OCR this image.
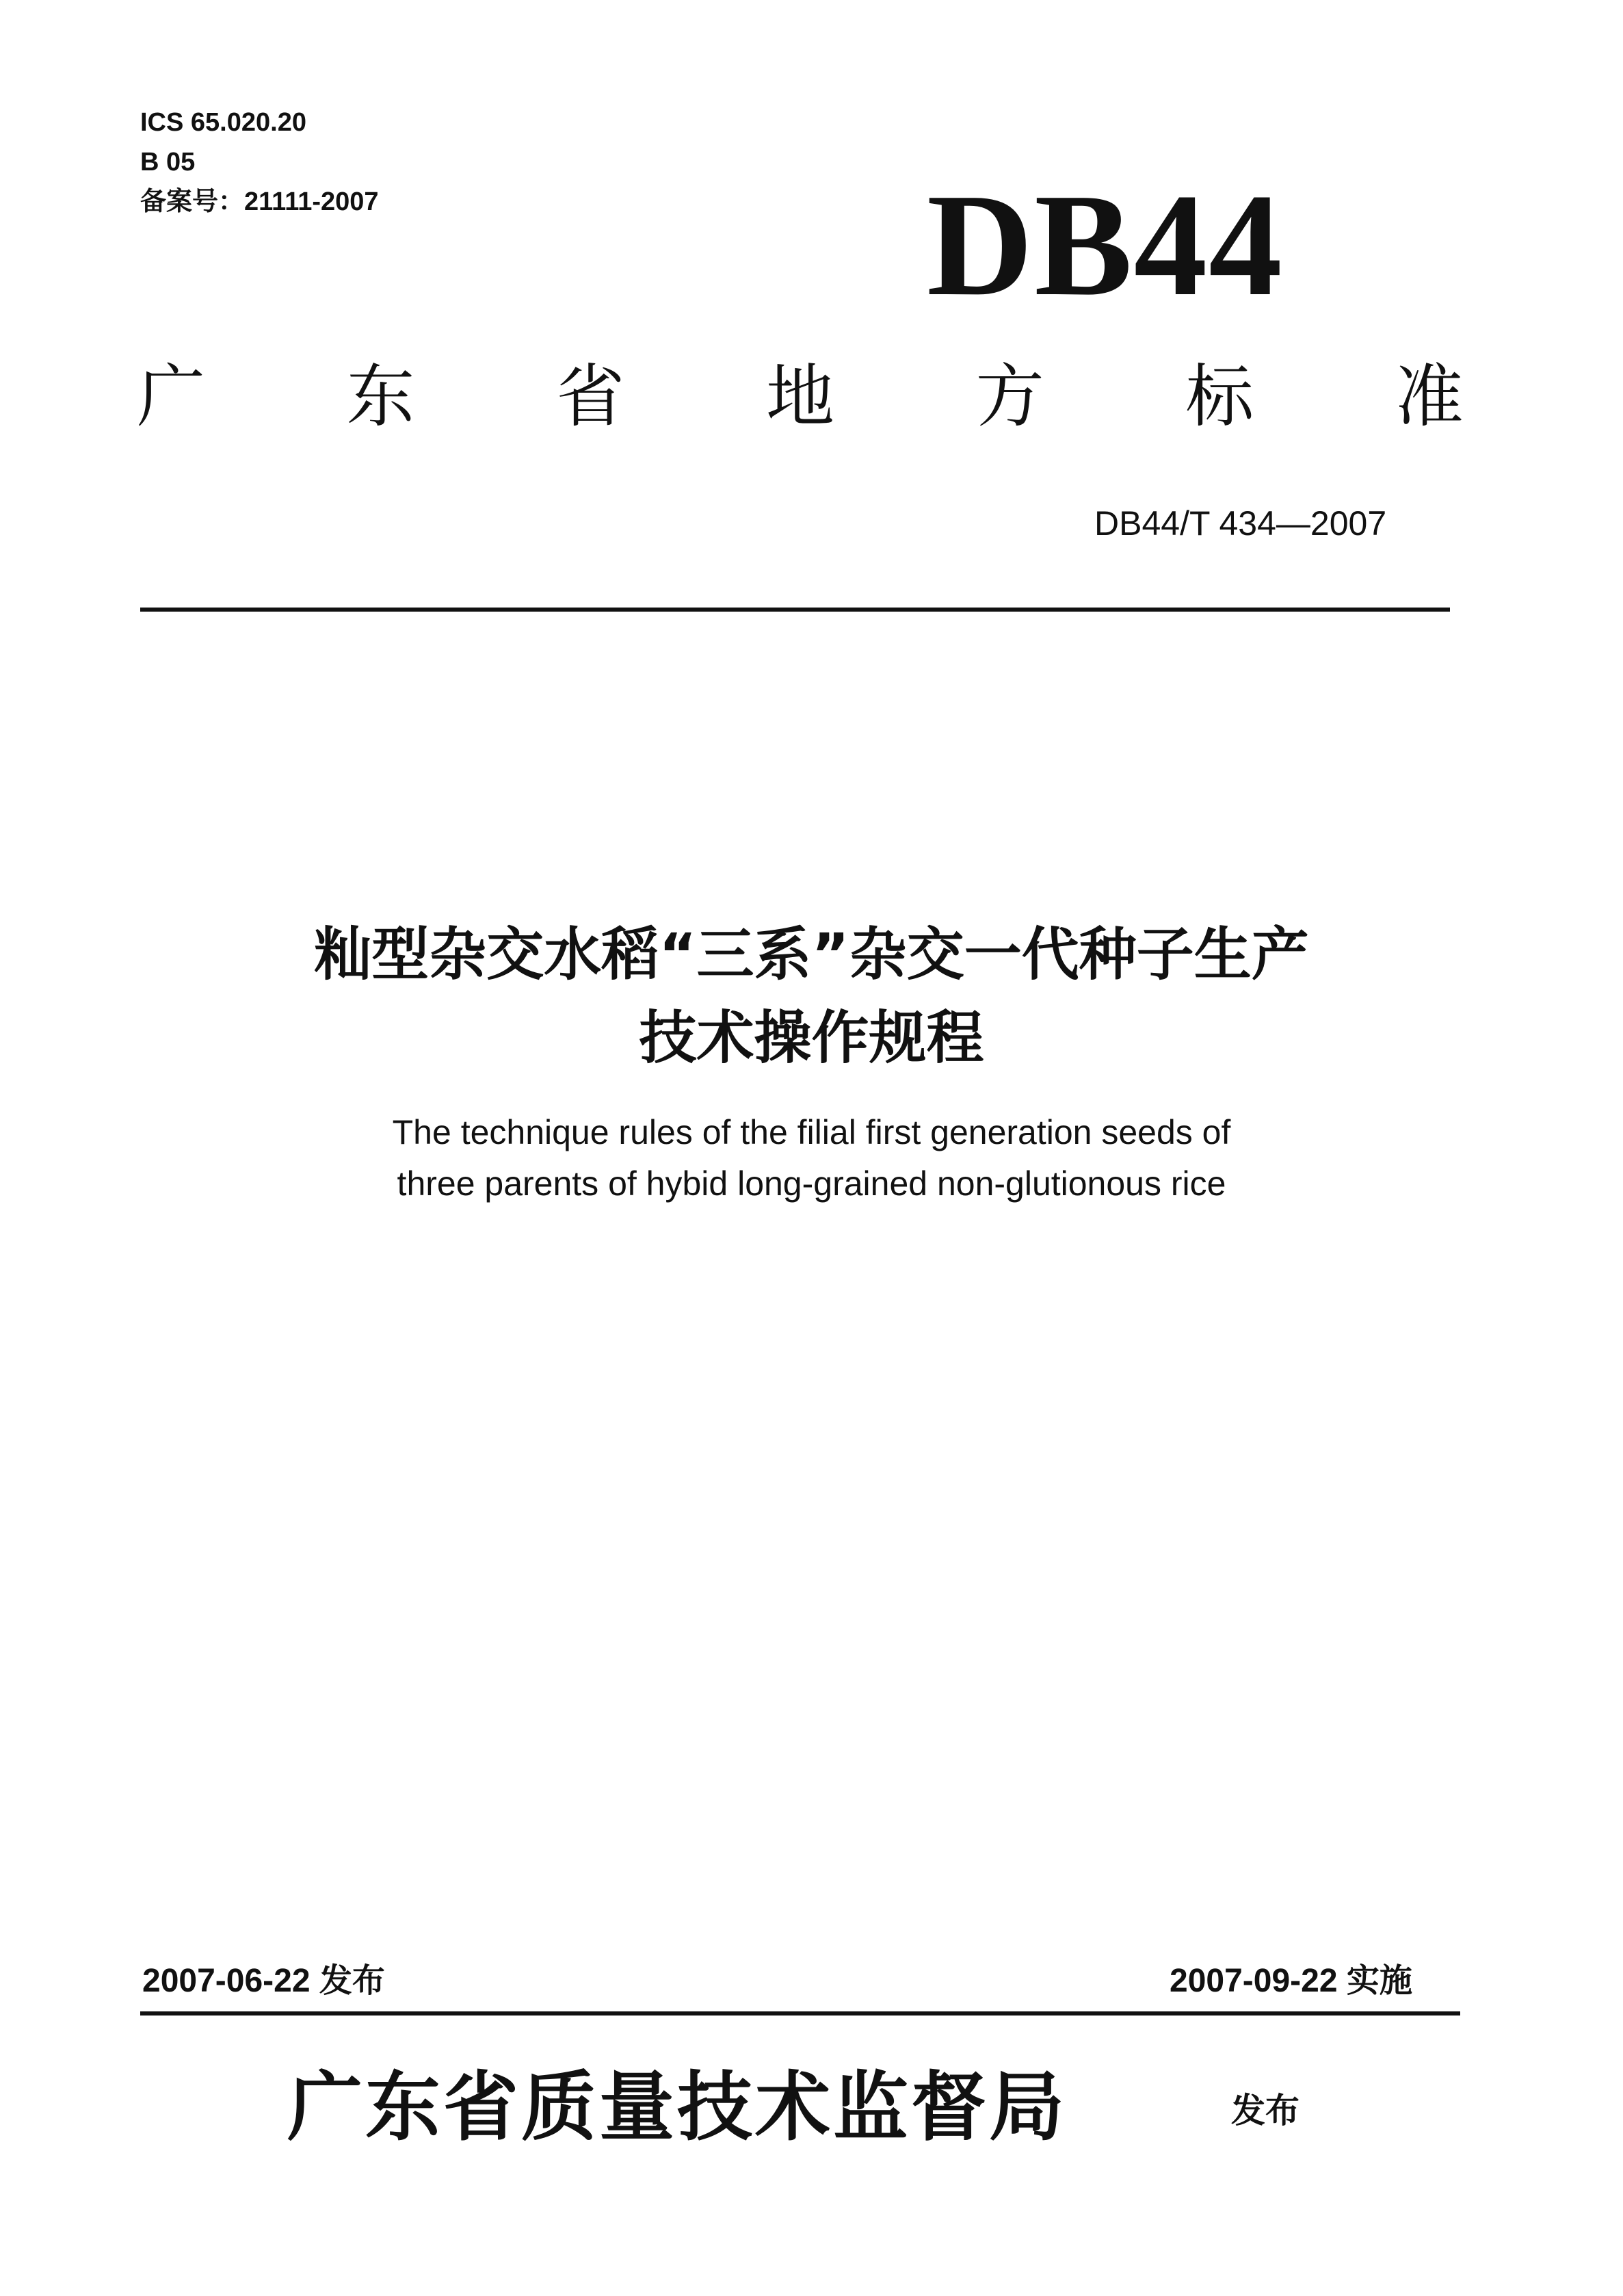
ICS 65.020.20
B 05
备案号：21111-2007	DB44
广 东 省 地 方 标 准
DB44/T 434—2007
籼型杂交水稻“三系”杂交一代种子生产
技术操作规程
The technique rules of the filial first generation seeds of
three parents of hybid long-grained non-glutionous rice
2007-06-22 发布	2007-09-22 实施
广东省质量技术监督局	发布
